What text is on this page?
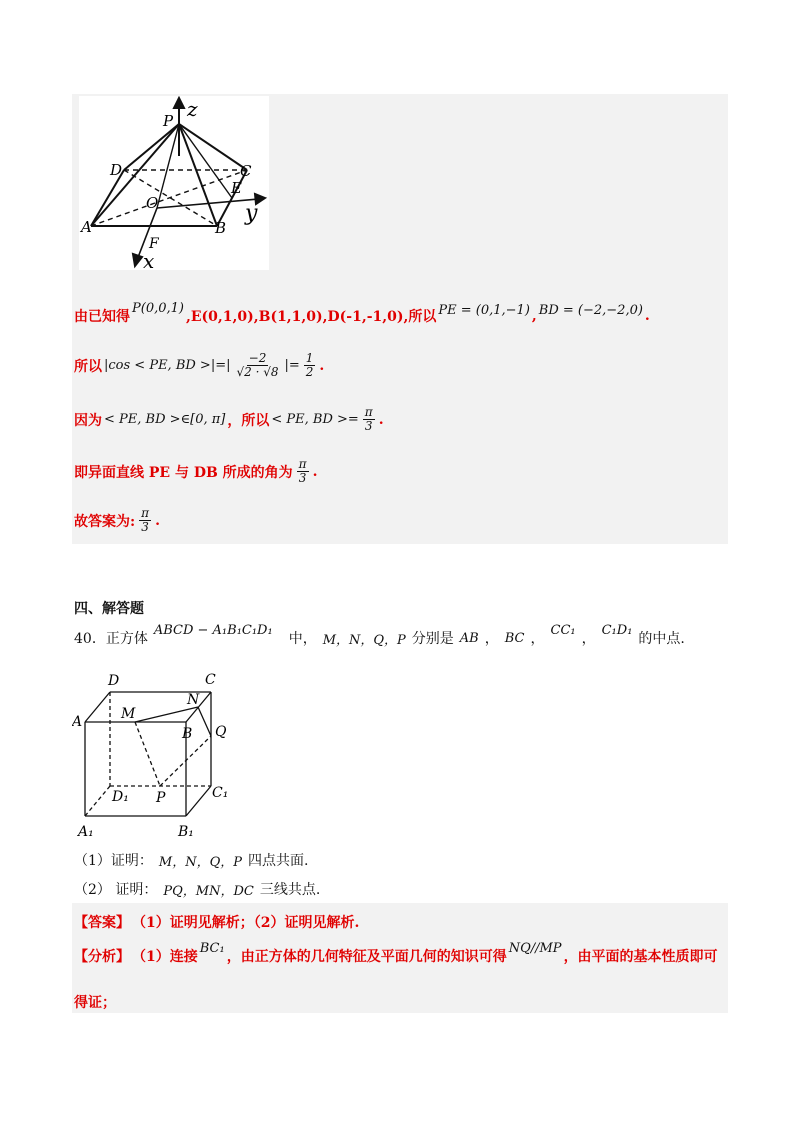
z
P
D	C
E
O	y
A	B
F
x
由已知得
P(0,0,1)
,E(0,1,0),B(1,1,0),D(-1,-1,0),所以 PE = (0,1,−1) , BD = (−2,−2,0) .
所以 |cos < PE, BD >|=| $\frac{-2}{√2 \cdot √8}$ |= $\frac{1}{2}$ .
因为 < PE, BD >∈[0, π] ，所以 < PE, BD >= $\frac{\pi}{3}$ .
即异面直线 PE 与 DB 所成的角为 $\frac{\pi}{3}$ .
故答案为: $\frac{\pi}{3}$ .
四、解答题
40．正方体
ABCD − A₁B₁C₁D₁
中， M，N，Q，P 分别是 AB ， BC ，
CC₁
，
C₁D₁
的中点.
D	C
N
A	M
B Q
D₁ P	C₁
A₁	B₁
（1）证明： M，N，Q，P 四点共面.
（2） 证明： PQ，MN，DC 三线共点.
【答案】 （1）证明见解析；（2）证明见解析.
【分析】 （1）连接
BC₁
，由正方体的几何特征及平面几何的知识可得
NQ//MP
，由平面的基本性质即可
得证；
